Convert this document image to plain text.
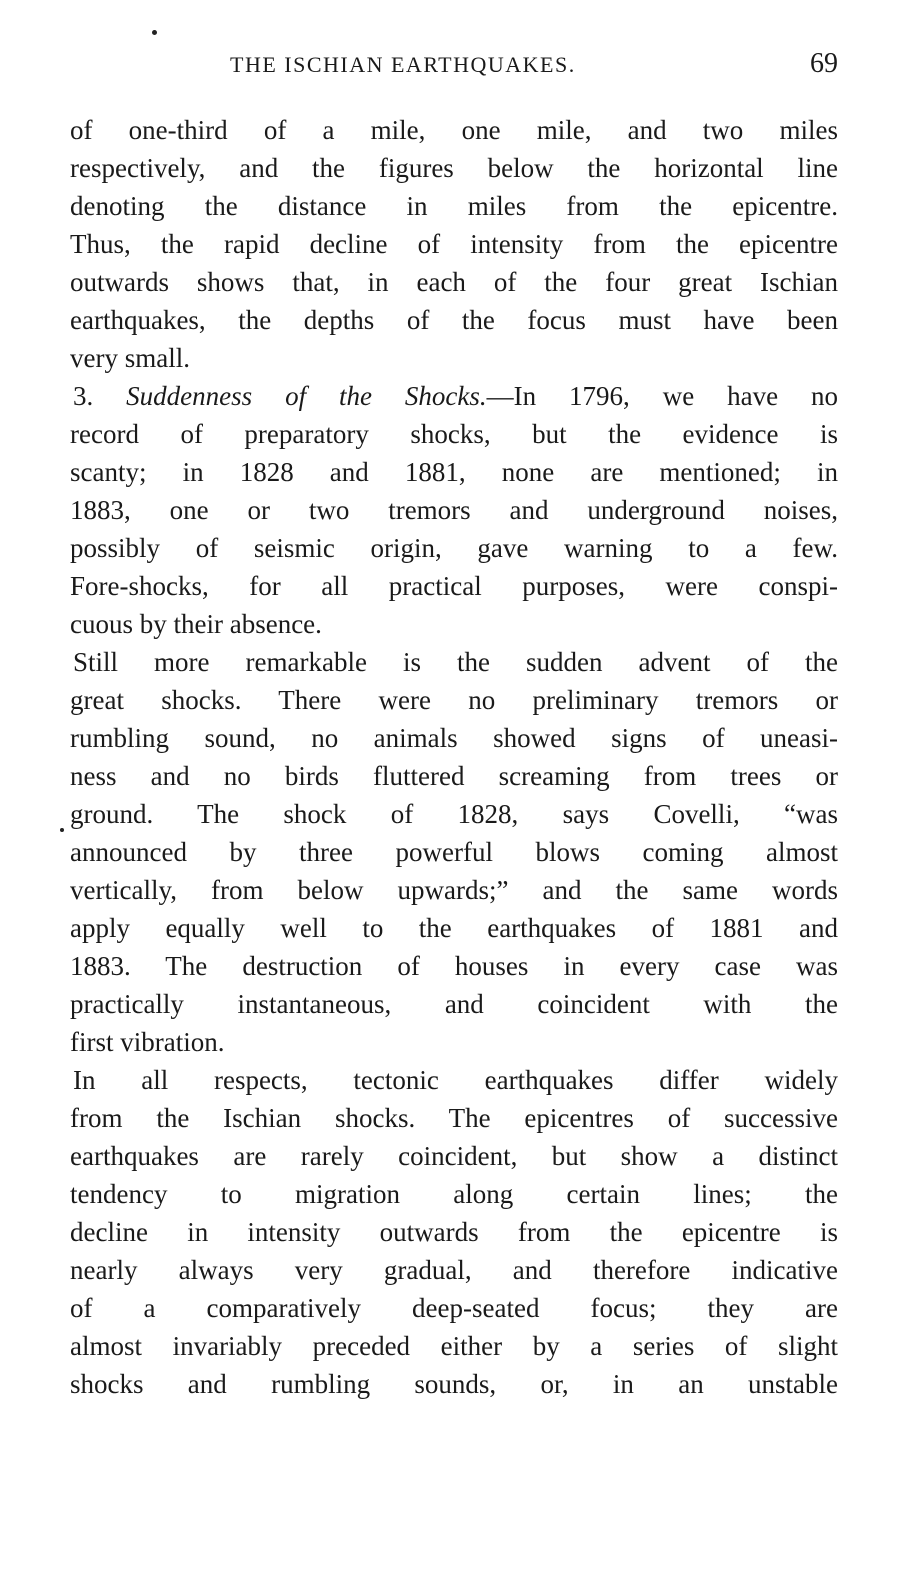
THE ISCHIAN EARTHQUAKES.	69
of one-third of a mile, one mile, and two miles
respectively, and the figures below the horizontal line
denoting the distance in miles from the epicentre.
Thus, the rapid decline of intensity from the epicentre
outwards shows that, in each of the four great Ischian
earthquakes, the depths of the focus must have been
very small.
3. Suddenness of the Shocks.—In 1796, we have no
record of preparatory shocks, but the evidence is
scanty; in 1828 and 1881, none are mentioned; in
1883, one or two tremors and underground noises,
possibly of seismic origin, gave warning to a few.
Fore-shocks, for all practical purposes, were conspi-
cuous by their absence.
Still more remarkable is the sudden advent of the
great shocks. There were no preliminary tremors or
rumbling sound, no animals showed signs of uneasi-
ness and no birds fluttered screaming from trees or
ground. The shock of 1828, says Covelli, “was
announced by three powerful blows coming almost
vertically, from below upwards;” and the same words
apply equally well to the earthquakes of 1881 and
1883. The destruction of houses in every case was
practically instantaneous, and coincident with the
first vibration.
In all respects, tectonic earthquakes differ widely
from the Ischian shocks. The epicentres of successive
earthquakes are rarely coincident, but show a distinct
tendency to migration along certain lines; the
decline in intensity outwards from the epicentre is
nearly always very gradual, and therefore indicative
of a comparatively deep-seated focus; they are
almost invariably preceded either by a series of slight
shocks and rumbling sounds, or, in an unstable
